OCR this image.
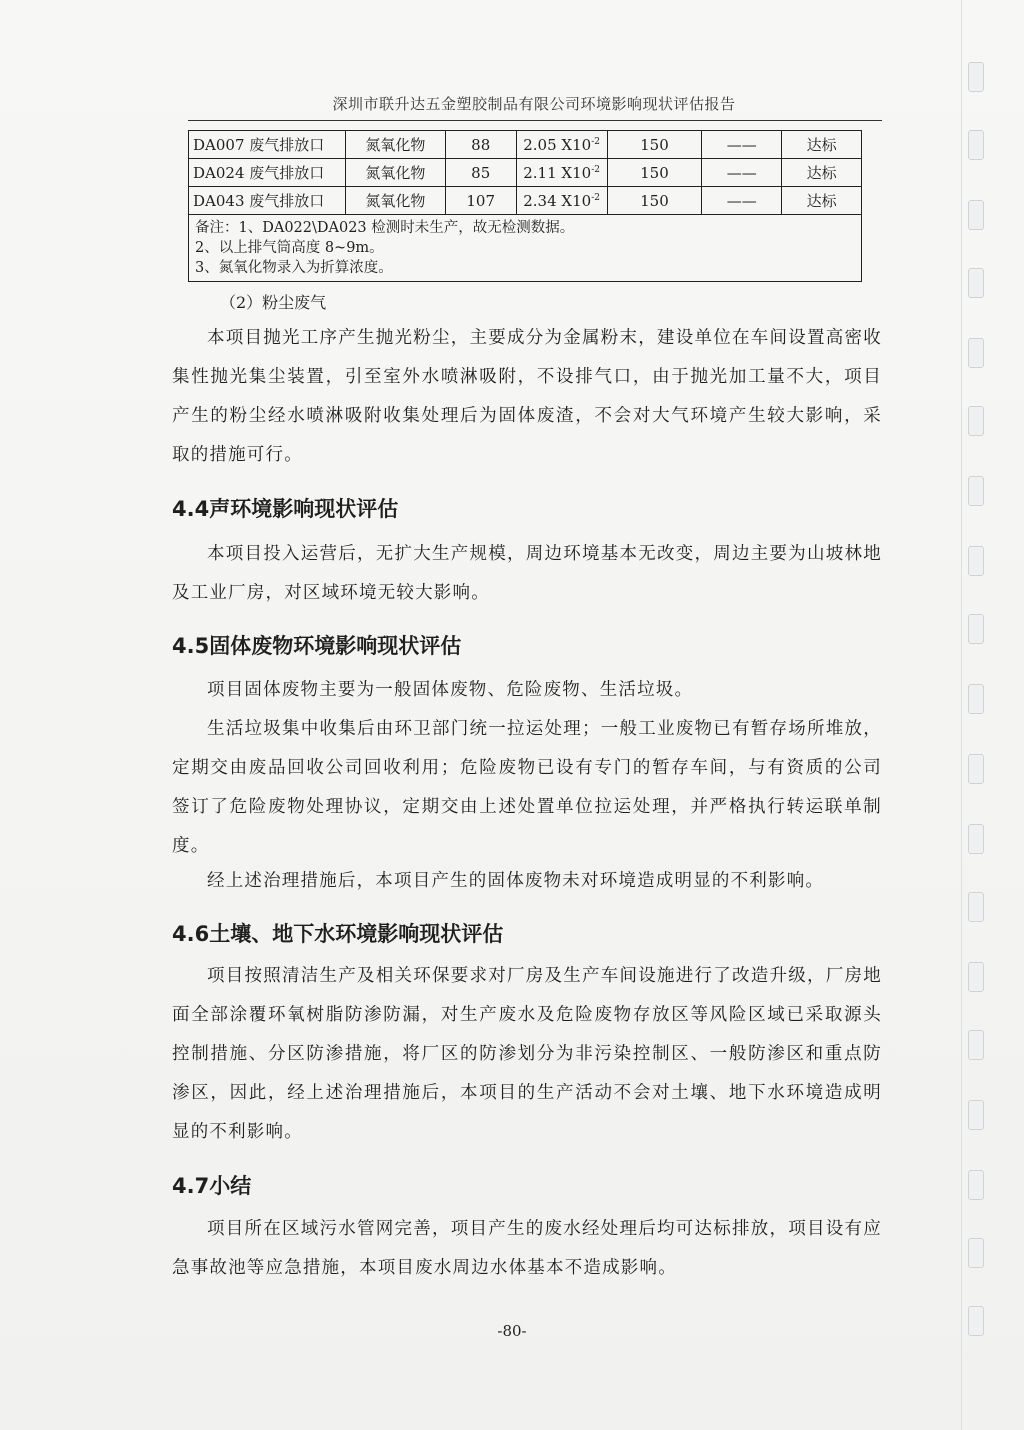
深圳市联升达五金塑胶制品有限公司环境影响现状评估报告
DA007 废气排放口	氮氧化物	88	2.05 $X10^{-2}$	150	——	达标
DA024 废气排放口	氮氧化物	85	2.11 $X10^{-2}$	150	——	达标
DA043 废气排放口	氮氧化物	107	2.34 $X10^{-2}$	150	——	达标

备注：1、DA022\DA023 检测时未生产，故无检测数据。
2、以上排气筒高度 8~9m。
3、氮氧化物录入为折算浓度。						
（2）粉尘废气
本项目抛光工序产生抛光粉尘，主要成分为金属粉末，建设单位在车间设置高密收集性抛光集尘装置，引至室外水喷淋吸附，不设排气口，由于抛光加工量不大，项目产生的粉尘经水喷淋吸附收集处理后为固体废渣，不会对大气环境产生较大影响，采取的措施可行。
4.4声环境影响现状评估
本项目投入运营后，无扩大生产规模，周边环境基本无改变，周边主要为山坡林地及工业厂房，对区域环境无较大影响。
4.5固体废物环境影响现状评估
项目固体废物主要为一般固体废物、危险废物、生活垃圾。
生活垃圾集中收集后由环卫部门统一拉运处理；一般工业废物已有暂存场所堆放，定期交由废品回收公司回收利用；危险废物已设有专门的暂存车间，与有资质的公司签订了危险废物处理协议，定期交由上述处置单位拉运处理，并严格执行转运联单制度。
经上述治理措施后，本项目产生的固体废物未对环境造成明显的不利影响。
4.6土壤、地下水环境影响现状评估
项目按照清洁生产及相关环保要求对厂房及生产车间设施进行了改造升级，厂房地面全部涂覆环氧树脂防渗防漏，对生产废水及危险废物存放区等风险区域已采取源头控制措施、分区防渗措施，将厂区的防渗划分为非污染控制区、一般防渗区和重点防渗区，因此，经上述治理措施后，本项目的生产活动不会对土壤、地下水环境造成明显的不利影响。
4.7小结
项目所在区域污水管网完善，项目产生的废水经处理后均可达标排放，项目设有应急事故池等应急措施，本项目废水周边水体基本不造成影响。
-80-
